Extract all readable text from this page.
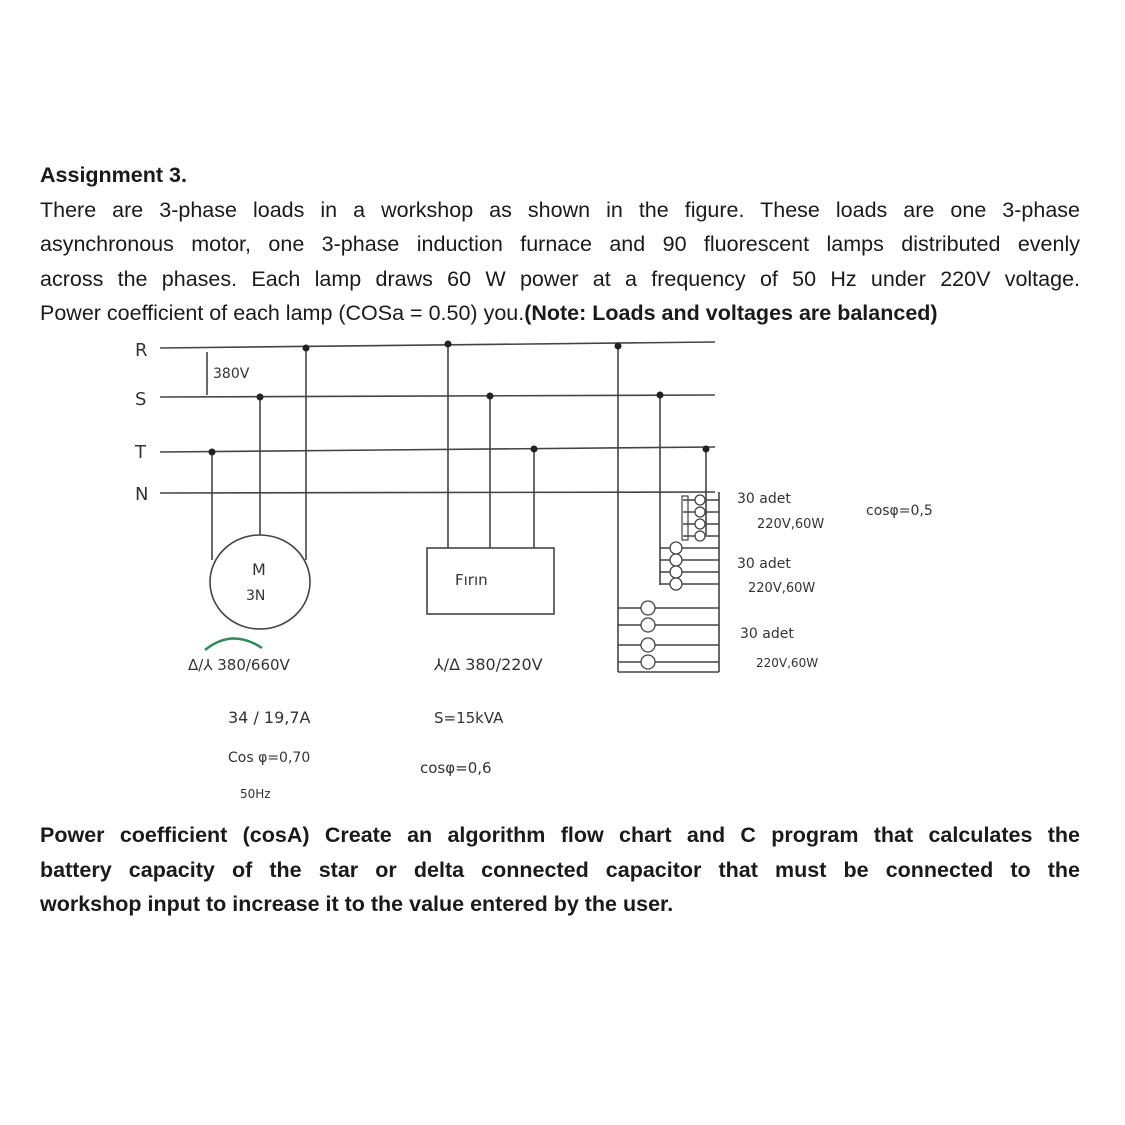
Assignment 3.
There are 3-phase loads in a workshop as shown in the figure. These loads are one 3-phase
asynchronous motor, one 3-phase induction furnace and 90 fluorescent lamps distributed evenly
across the phases. Each lamp draws 60 W power at a frequency of 50 Hz under 220V voltage.
Power coefficient of each lamp (COSa = 0.50) you.(Note: Loads and voltages are balanced)
R
S
T
N
380V
M
3N
Δ/⅄ 380/660V
34 / 19,7A
Cos φ=0,70
50Hz
Fırın
⅄/Δ 380/220V
S=15kVA
cosφ=0,6
30 adet
220V,60W
cosφ=0,5
30 adet
220V,60W
30 adet
220V,60W
Power coefficient (cosA) Create an algorithm flow chart and C program that calculates the
battery capacity of the star or delta connected capacitor that must be connected to the
workshop input to increase it to the value entered by the user.
